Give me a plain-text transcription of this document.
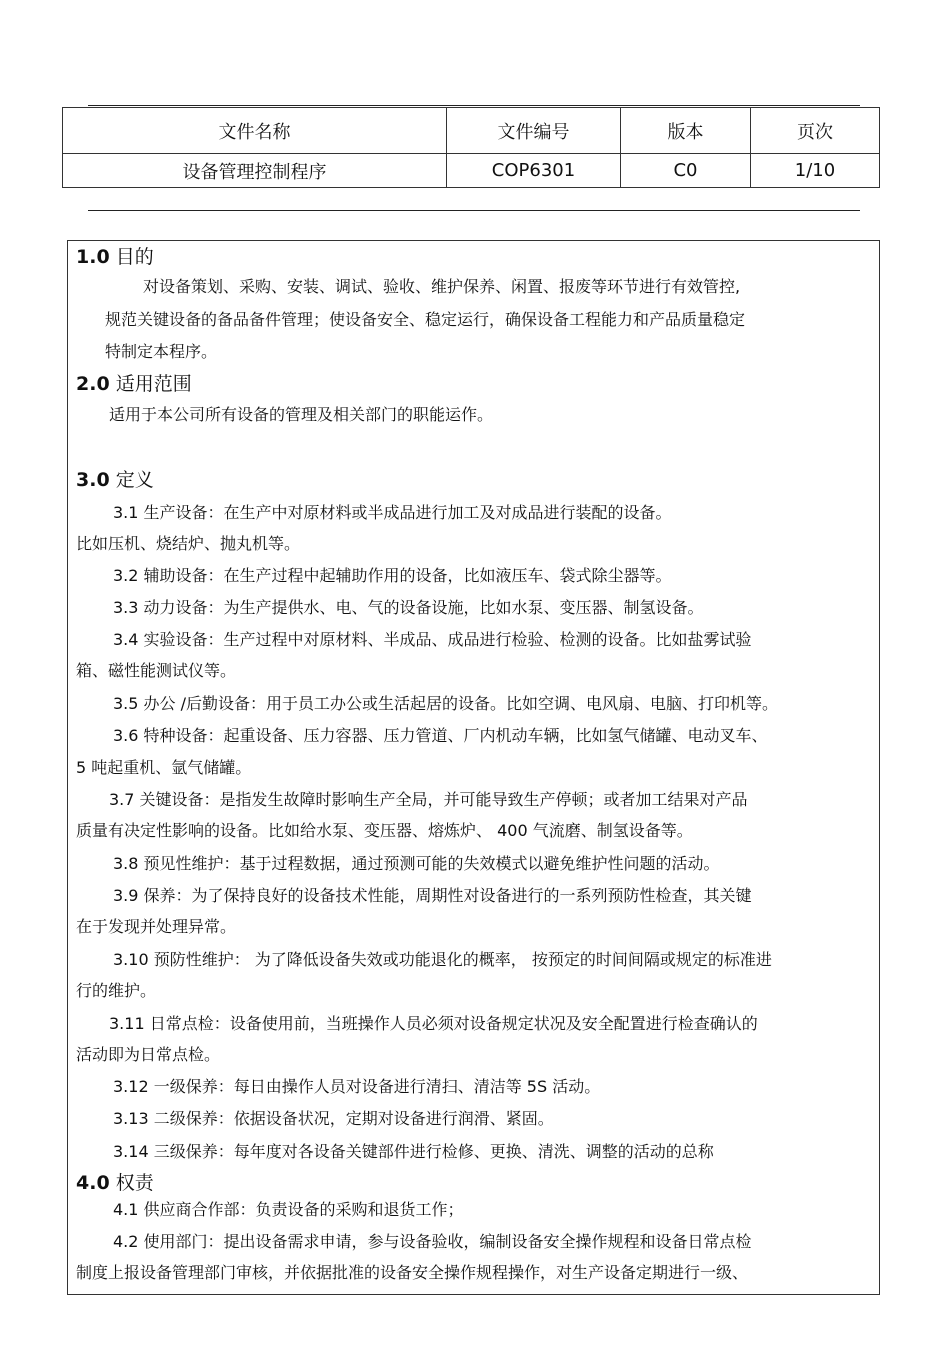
文件名称	文件编号	版本	页次
设备管理控制程序	COP6301	C0	1/10
1.0 目的
对设备策划、采购、安装、调试、验收、维护保养、闲置、报废等环节进行有效管控,
规范关键设备的备品备件管理；使设备安全、稳定运行，确保设备工程能力和产品质量稳定
特制定本程序。
2.0 适用范围
适用于本公司所有设备的管理及相关部门的职能运作。
3.0 定义
3.1 生产设备：在生产中对原材料或半成品进行加工及对成品进行装配的设备。
比如压机、烧结炉、抛丸机等。
3.2 辅助设备：在生产过程中起辅助作用的设备，比如液压车、袋式除尘器等。
3.3 动力设备：为生产提供水、电、气的设备设施，比如水泵、变压器、制氢设备。
3.4 实验设备：生产过程中对原材料、半成品、成品进行检验、检测的设备。比如盐雾试验
箱、磁性能测试仪等。
3.5 办公 /后勤设备：用于员工办公或生活起居的设备。比如空调、电风扇、电脑、打印机等。
3.6 特种设备：起重设备、压力容器、压力管道、厂内机动车辆，比如氢气储罐、电动叉车、
5 吨起重机、氩气储罐。
3.7 关键设备：是指发生故障时影响生产全局，并可能导致生产停顿；或者加工结果对产品
质量有决定性影响的设备。比如给水泵、变压器、熔炼炉、 400 气流磨、制氢设备等。
3.8 预见性维护：基于过程数据，通过预测可能的失效模式以避免维护性问题的活动。
3.9 保养：为了保持良好的设备技术性能，周期性对设备进行的一系列预防性检查，其关键
在于发现并处理异常。
3.10 预防性维护： 为了降低设备失效或功能退化的概率， 按预定的时间间隔或规定的标准进
行的维护。
3.11 日常点检：设备使用前，当班操作人员必须对设备规定状况及安全配置进行检查确认的
活动即为日常点检。
3.12 一级保养：每日由操作人员对设备进行清扫、清洁等 5S 活动。
3.13 二级保养：依据设备状况，定期对设备进行润滑、紧固。
3.14 三级保养：每年度对各设备关键部件进行检修、更换、清洗、调整的活动的总称
4.0 权责
4.1 供应商合作部：负责设备的采购和退货工作；
4.2 使用部门：提出设备需求申请，参与设备验收，编制设备安全操作规程和设备日常点检
制度上报设备管理部门审核，并依据批准的设备安全操作规程操作，对生产设备定期进行一级、
